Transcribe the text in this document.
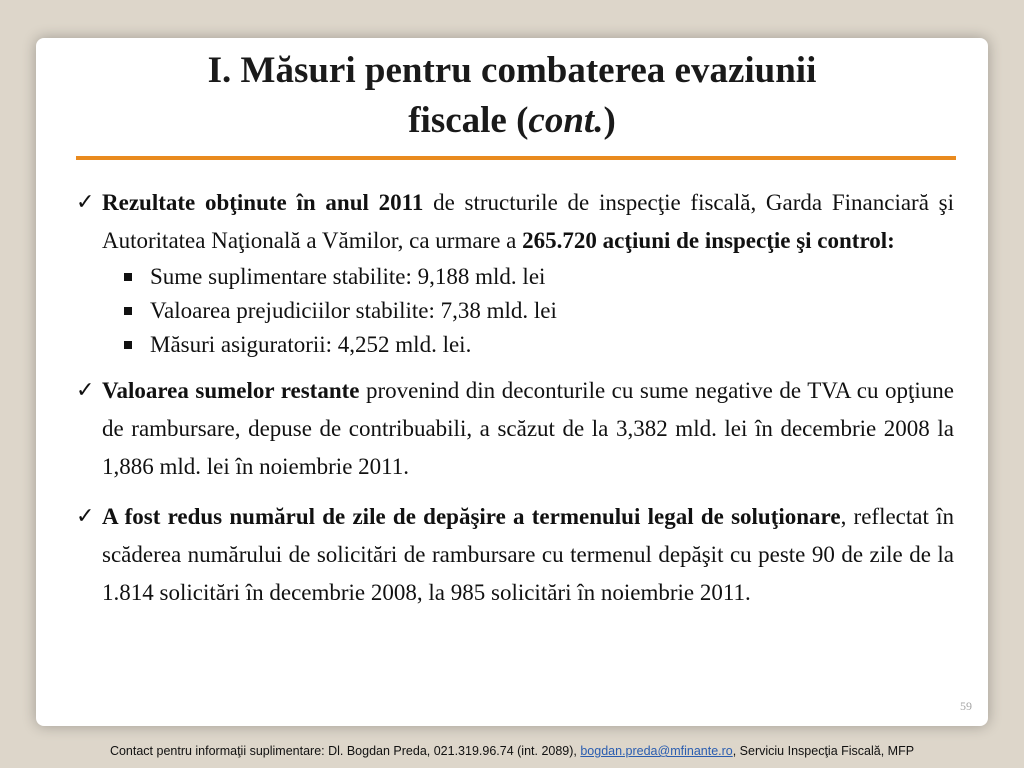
I. Măsuri pentru combaterea evaziunii
fiscale (cont.)
✓ Rezultate obţinute în anul 2011 de structurile de inspecţie fiscală, Garda Financiară şi Autoritatea Naţională a Vămilor, ca urmare a 265.720 acţiuni de inspecţie şi control:
Sume suplimentare stabilite: 9,188 mld. lei
Valoarea prejudiciilor stabilite: 7,38 mld. lei
Măsuri asiguratorii: 4,252 mld. lei.
✓ Valoarea sumelor restante provenind din deconturile cu sume negative de TVA cu opţiune de rambursare, depuse de contribuabili, a scăzut de la 3,382 mld. lei în decembrie 2008 la 1,886 mld. lei în noiembrie 2011.
✓ A fost redus numărul de zile de depăşire a termenului legal de soluţionare, reflectat în scăderea numărului de solicitări de rambursare cu termenul depăşit cu peste 90 de zile de la 1.814 solicitări în decembrie 2008, la 985 solicitări în noiembrie 2011.
59
Contact pentru informaţii suplimentare: Dl. Bogdan Preda, 021.319.96.74 (int. 2089), bogdan.preda@mfinante.ro, Serviciu Inspecţia Fiscală, MFP
